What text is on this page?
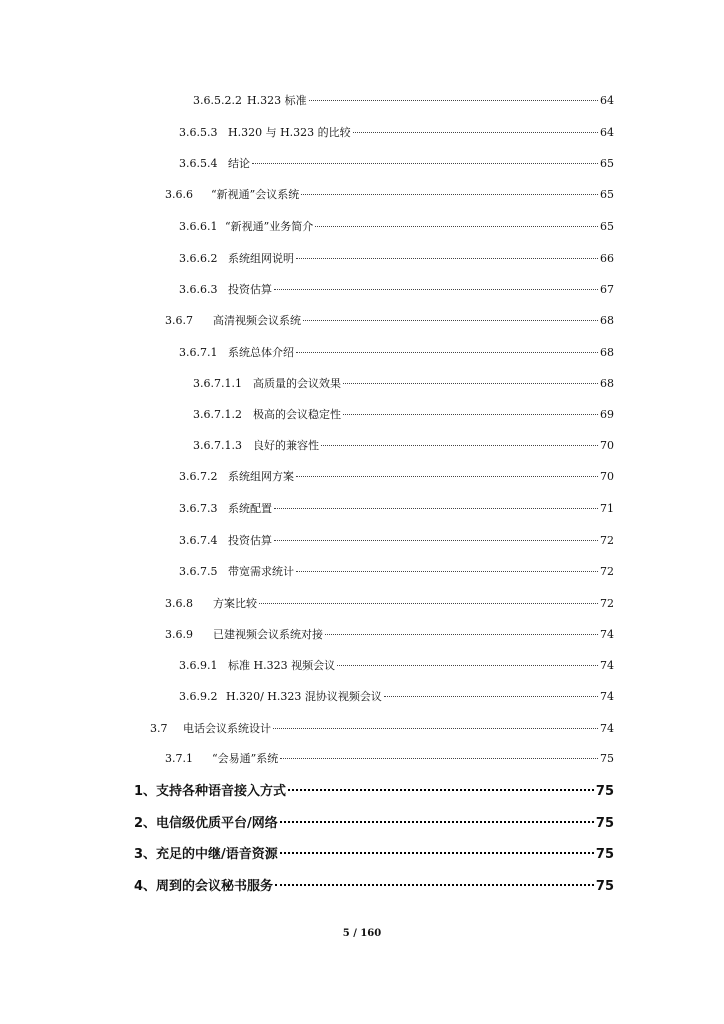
3.6.5.2.2 H.323 标准	64
3.6.5.3 H.320 与 H.323 的比较	64
3.6.5.4 结论	65
3.6.6	“新视通”会议系统	65
3.6.6.1 “新视通”业务简介	65
3.6.6.2 系统组网说明	66
3.6.6.3 投资估算	67
3.6.7	高清视频会议系统	68
3.6.7.1 系统总体介绍	68
3.6.7.1.1	高质量的会议效果	68
3.6.7.1.2	极高的会议稳定性	69
3.6.7.1.3	良好的兼容性	70
3.6.7.2 系统组网方案	70
3.6.7.3 系统配置	71
3.6.7.4 投资估算	72
3.6.7.5 带宽需求统计	72
3.6.8	方案比较	72
3.6.9	已建视频会议系统对接	74
3.6.9.1 标准 H.323 视频会议	74
3.6.9.2 H.320/ H.323 混协议视频会议	74
3.7	电话会议系统设计	74
3.7.1	“会易通”系统	75
1、支持各种语音接入方式	75
2、电信级优质平台/网络	75
3、充足的中继/语音资源	75
4、周到的会议秘书服务	75
5 / 160
